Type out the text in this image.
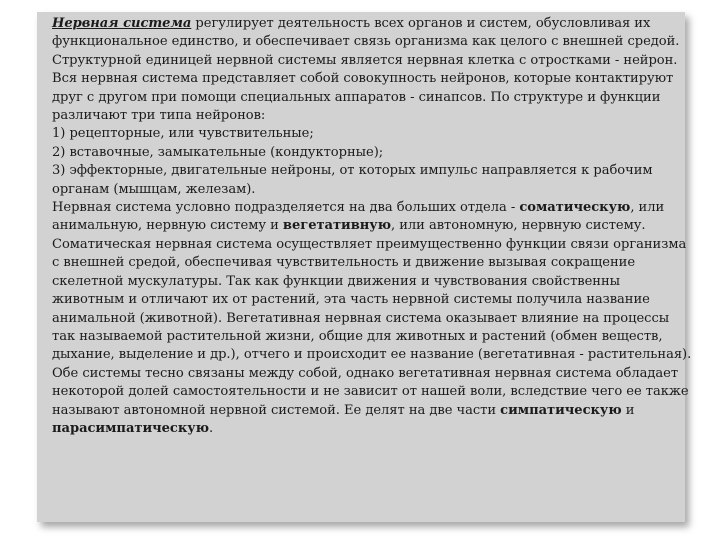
Нервная система регулирует деятельность всех органов и систем, обусловливая их функциональное единство, и обеспечивает связь организма как целого с внешней средой.

Структурной единицей нервной системы является нервная клетка с отростками - нейрон. Вся нервная система представляет собой совокупность нейронов, которые контактируют друг с другом при помощи специальных аппаратов - синапсов. По структуре и функции различают три типа нейронов:

1) рецепторные, или чувствительные;

2) вставочные, замыкательные (кондукторные);

3) эффекторные, двигательные нейроны, от которых импульс направляется к рабочим органам (мышцам, железам).

Нервная система условно подразделяется на два больших отдела - соматическую, или анимальную, нервную систему и вегетативную, или автономную, нервную систему. Соматическая нервная система осуществляет преимущественно функции связи организма с внешней средой, обеспечивая чувствительность и движение вызывая сокращение скелетной мускулатуры. Так как функции движения и чувствования свойственны животным и отличают их от растений, эта часть нервной системы получила название анимальной (животной). Вегетативная нервная система оказывает влияние на процессы так называемой растительной жизни, общие для животных и растений (обмен веществ, дыхание, выделение и др.), отчего и происходит ее название (вегетативная - растительная). Обе системы тесно связаны между собой, однако вегетативная нервная система обладает некоторой долей самостоятельности и не зависит от нашей воли, вследствие чего ее также называют автономной нервной системой. Ее делят на две части симпатическую и парасимпатическую.
